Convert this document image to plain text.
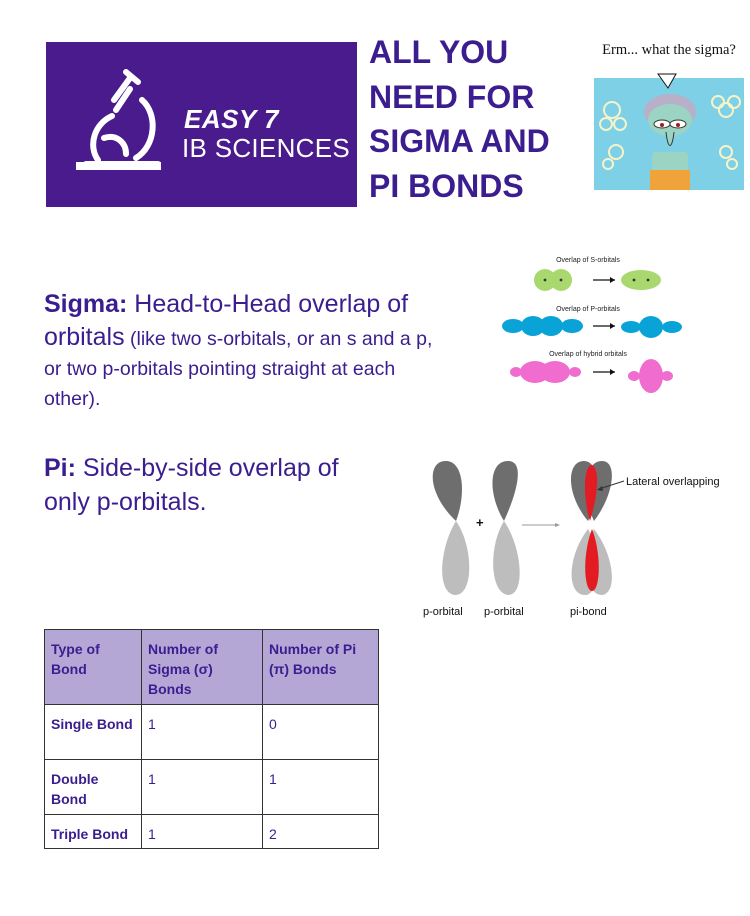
EASY 7
IB SCIENCES
ALL YOU
NEED FOR
SIGMA AND
PI BONDS
Erm... what the sigma?
Sigma: Head-to-Head overlap of
orbitals (like two s-orbitals, or an s and a p,
or two p-orbitals pointing straight at each
other).
Overlap of S-orbitals
Overlap of P-orbitals
Overlap of hybrid orbitals
Pi: Side-by-side overlap of
only p-orbitals.
+
Lateral overlapping
p-orbital p-orbital	pi-bond
Type of Bond	Number of Sigma (σ) Bonds	Number of Pi (π) Bonds
Single Bond	1	0
Double Bond	1	1
Triple Bond	1	2
